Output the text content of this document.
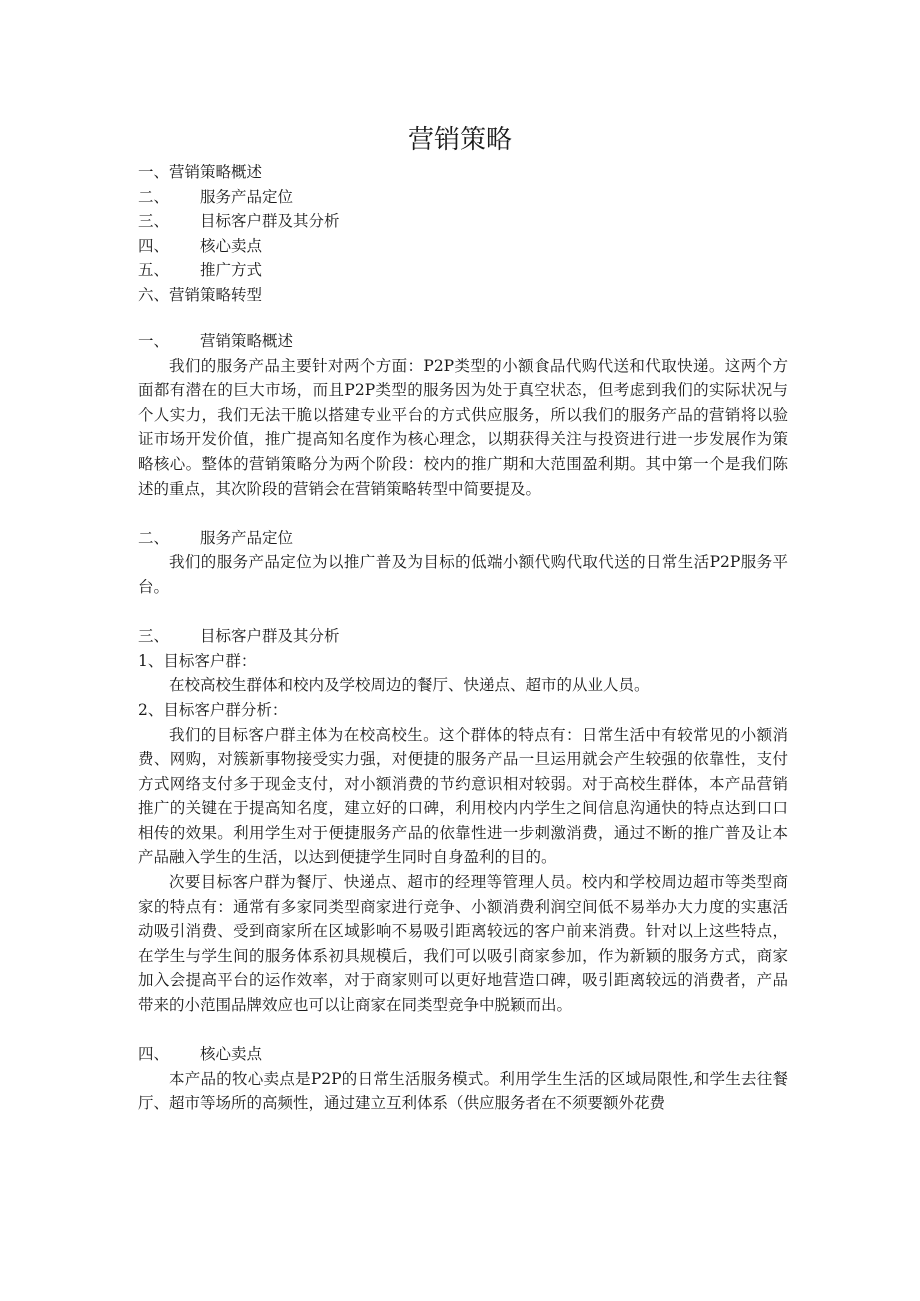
营销策略
一、营销策略概述
二、 服务产品定位
三、 目标客户群及其分析
四、 核心卖点
五、 推广方式
六、营销策略转型
一、 营销策略概述

我们的服务产品主要针对两个方面：P2P类型的小额食品代购代送和代取快递。这两个方面都有潜在的巨大市场，而且P2P类型的服务因为处于真空状态，但考虑到我们的实际状况与个人实力，我们无法干脆以搭建专业平台的方式供应服务，所以我们的服务产品的营销将以验证市场开发价值，推广提高知名度作为核心理念，以期获得关注与投资进行进一步发展作为策略核心。整体的营销策略分为两个阶段：校内的推广期和大范围盈利期。其中第一个是我们陈述的重点，其次阶段的营销会在营销策略转型中简要提及。

二、 服务产品定位

我们的服务产品定位为以推广普及为目标的低端小额代购代取代送的日常生活P2P服务平台。

三、 目标客户群及其分析
1、目标客户群：

在校高校生群体和校内及学校周边的餐厅、快递点、超市的从业人员。

2、目标客户群分析：

我们的目标客户群主体为在校高校生。这个群体的特点有：日常生活中有较常见的小额消费、网购，对簇新事物接受实力强，对便捷的服务产品一旦运用就会产生较强的依靠性，支付方式网络支付多于现金支付，对小额消费的节约意识相对较弱。对于高校生群体，本产品营销推广的关键在于提高知名度，建立好的口碑，利用校内内学生之间信息沟通快的特点达到口口相传的效果。利用学生对于便捷服务产品的依靠性进一步刺激消费，通过不断的推广普及让本产品融入学生的生活，以达到便捷学生同时自身盈利的目的。

次要目标客户群为餐厅、快递点、超市的经理等管理人员。校内和学校周边超市等类型商家的特点有：通常有多家同类型商家进行竞争、小额消费利润空间低不易举办大力度的实惠活动吸引消费、受到商家所在区域影响不易吸引距离较远的客户前来消费。针对以上这些特点，在学生与学生间的服务体系初具规模后，我们可以吸引商家参加，作为新颖的服务方式，商家加入会提高平台的运作效率，对于商家则可以更好地营造口碑，吸引距离较远的消费者，产品带来的小范围品牌效应也可以让商家在同类型竞争中脱颖而出。

四、 核心卖点

本产品的牧心卖点是P2P的日常生活服务模式。利用学生生活的区域局限性,和学生去往餐厅、超市等场所的高频性，通过建立互利体系（供应服务者在不须要额外花费
